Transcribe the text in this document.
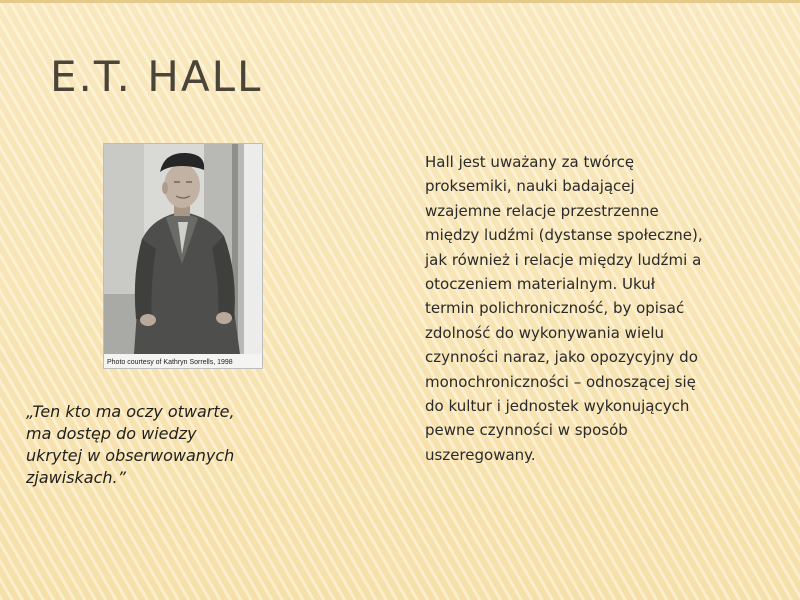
E.T. HALL
Photo courtesy of Kathryn Sorrells, 1998
„Ten kto ma oczy otwarte,
ma dostęp do wiedzy
ukrytej w obserwowanych
zjawiskach.”
Hall jest uważany za twórcę
proksemiki, nauki badającej
wzajemne relacje przestrzenne
między ludźmi (dystanse społeczne),
jak również i relacje między ludźmi a
otoczeniem materialnym. Ukuł
termin polichroniczność, by opisać
zdolność do wykonywania wielu
czynności naraz, jako opozycyjny do
monochroniczności – odnoszącej się
do kultur i jednostek wykonujących
pewne czynności w sposób
uszeregowany.
